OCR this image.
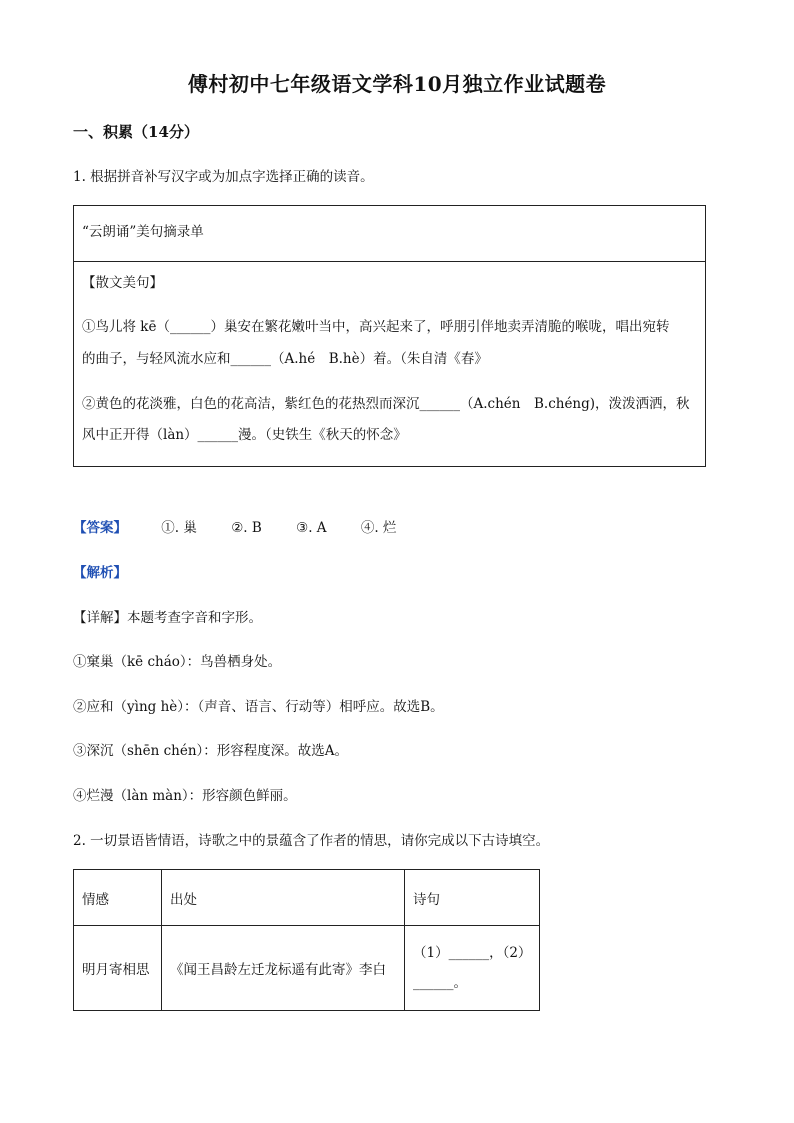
傅村初中七年级语文学科10月独立作业试题卷
一、积累（14分）
1. 根据拼音补写汉字或为加点字选择正确的读音。
“云朗诵”美句摘录单
【散文美句】
①鸟儿将 kē（______）巢安在繁花嫩叶当中，高兴起来了，呼朋引伴地卖弄清脆的喉咙，唱出宛转
的曲子，与轻风流水应和______（A.hé　B.hè）着。（朱自清《春》
②黄色的花淡雅，白色的花高洁，紫红色的花热烈而深沉______（A.chén　B.chéng)，泼泼洒洒，秋
风中正开得（làn）______漫。（史铁生《秋天的怀念》
【答案】	①. 巢	②. B	③. A	④. 烂
【解析】
【详解】本题考查字音和字形。
①窠巢（kē cháo）：鸟兽栖身处。
②应和（yìng hè）：（声音、语言、行动等）相呼应。故选B。
③深沉（shēn chén）：形容程度深。故选A。
④烂漫（làn màn）：形容颜色鲜丽。
2. 一切景语皆情语，诗歌之中的景蕴含了作者的情思，请你完成以下古诗填空。
情感	出处	诗句
明月寄相思	《闻王昌龄左迁龙标遥有此寄》李白	（1）______，（2）
______。
